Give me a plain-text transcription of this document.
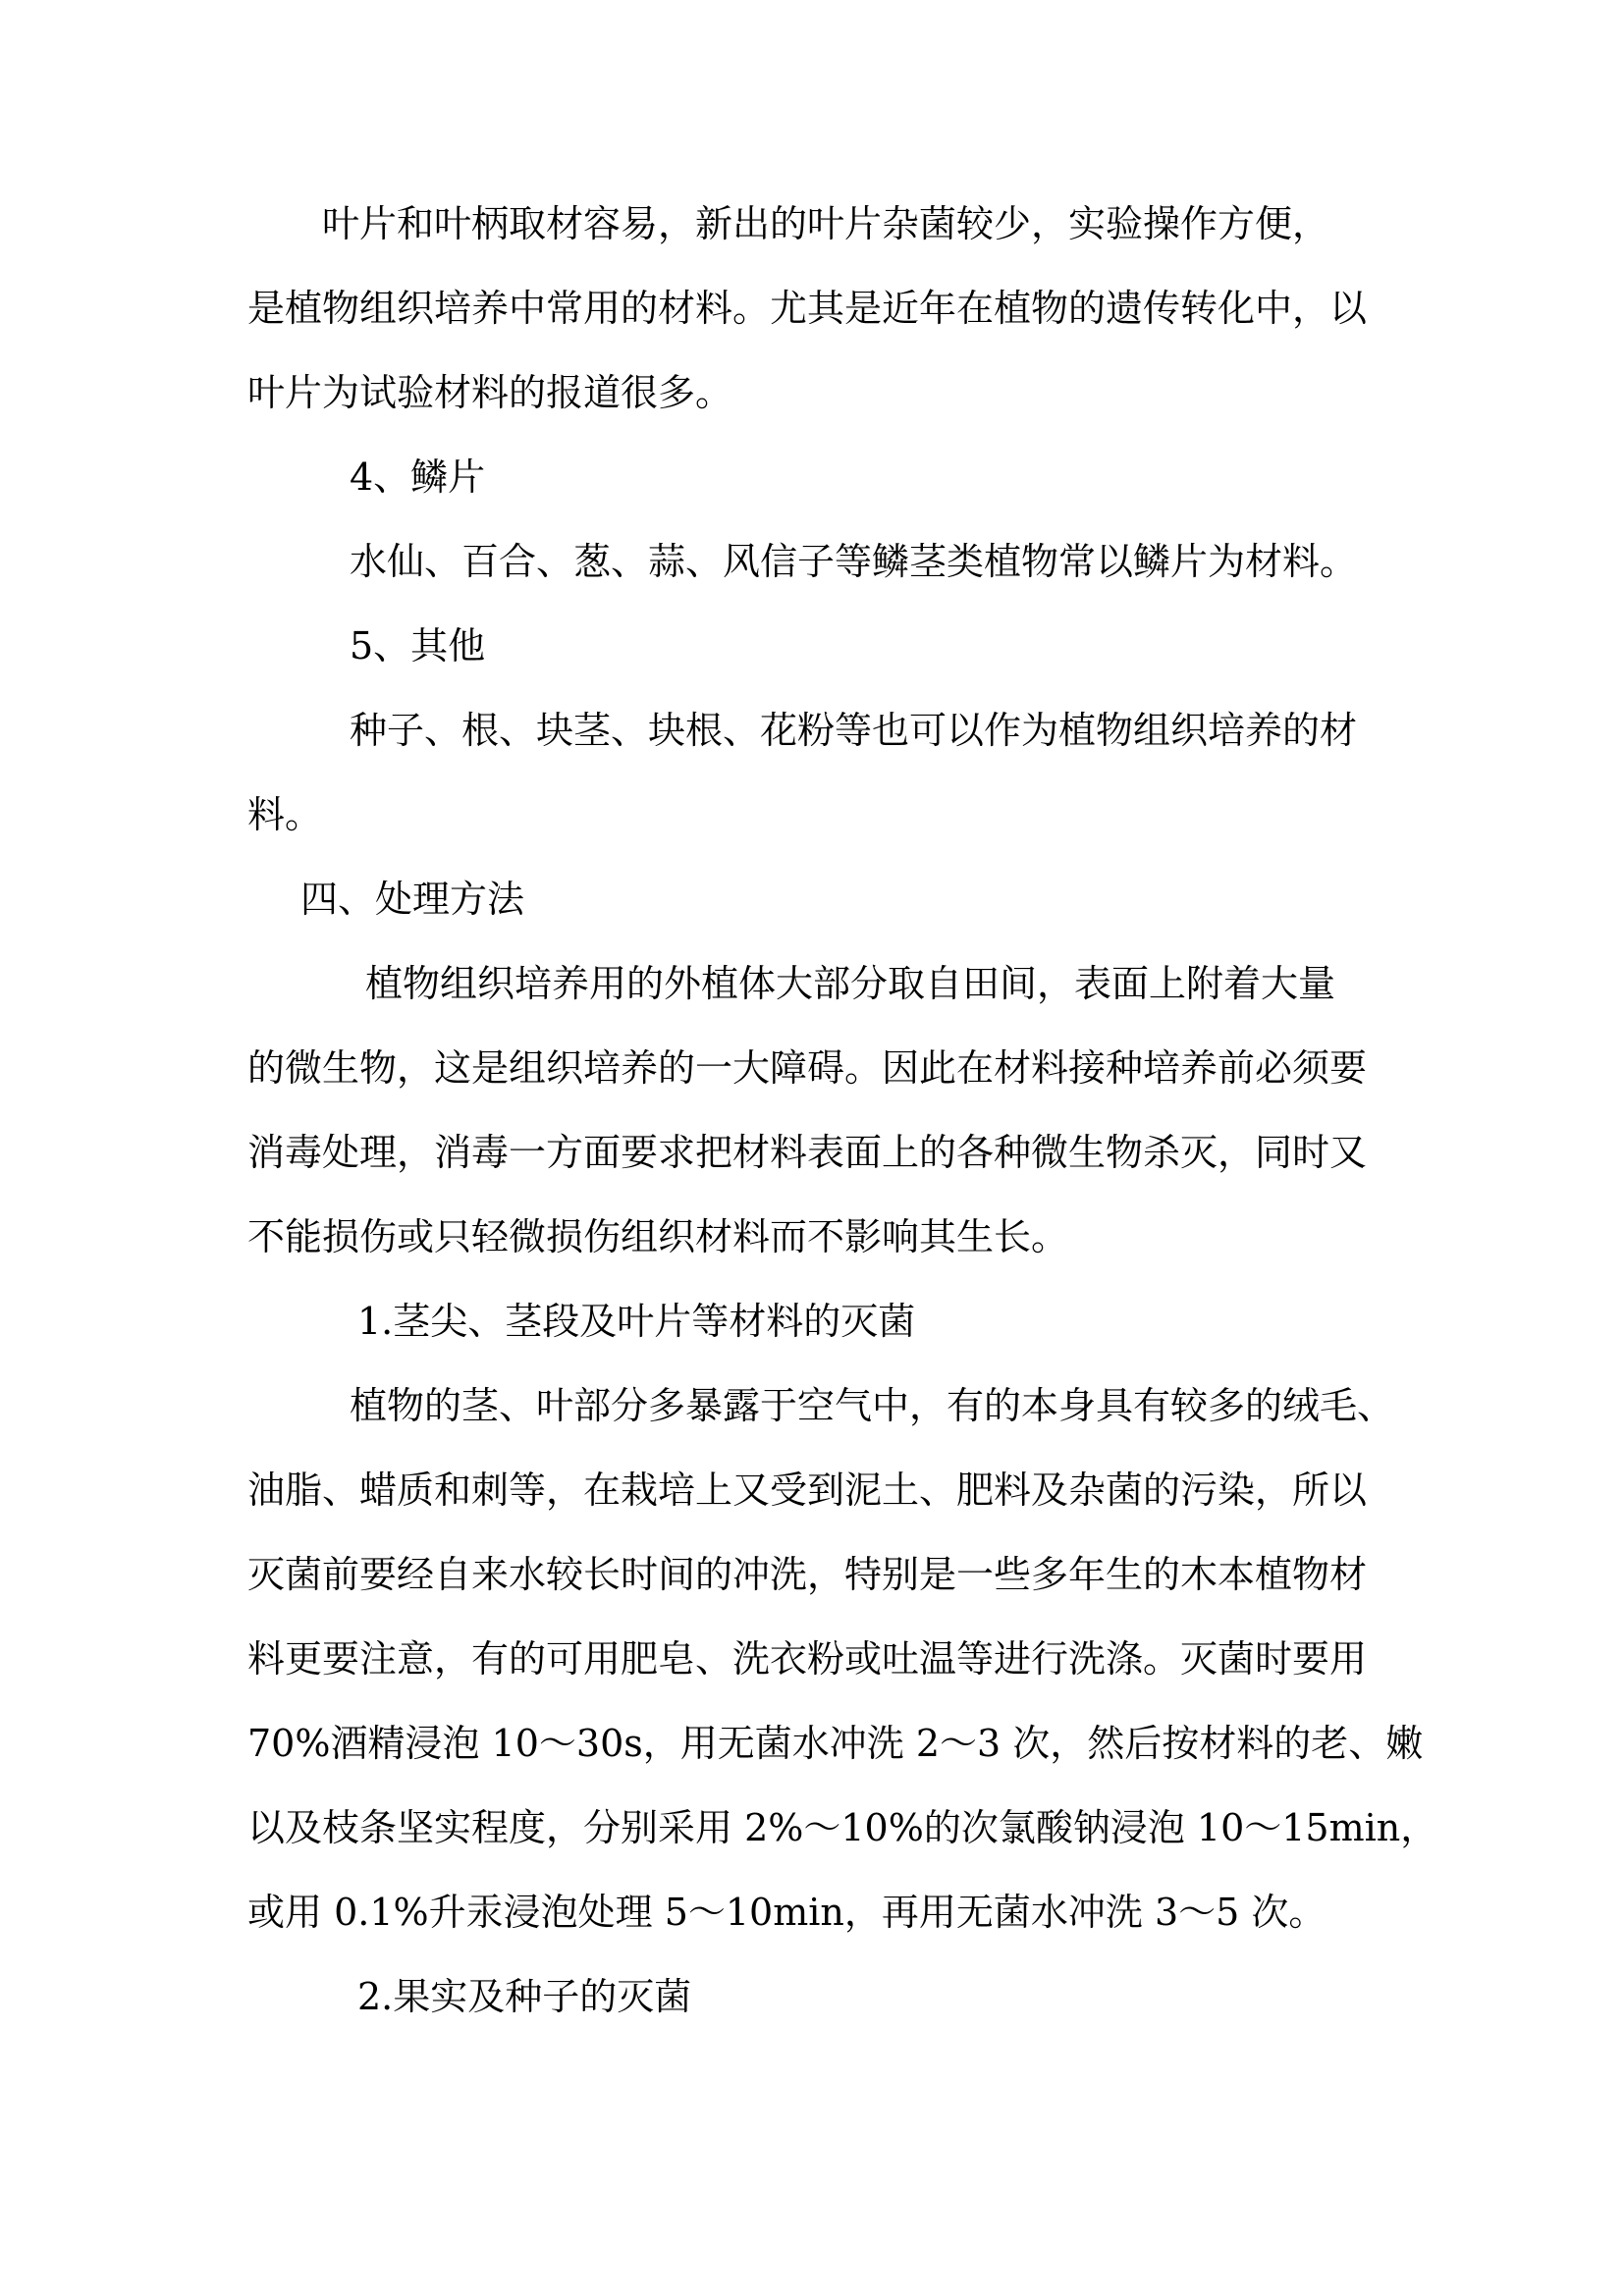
叶片和叶柄取材容易，新出的叶片杂菌较少，实验操作方便，
是植物组织培养中常用的材料。尤其是近年在植物的遗传转化中，以
叶片为试验材料的报道很多。
4、鳞片
水仙、百合、葱、蒜、风信子等鳞茎类植物常以鳞片为材料。
5、其他
种子、根、块茎、块根、花粉等也可以作为植物组织培养的材
料。
四、处理方法
植物组织培养用的外植体大部分取自田间，表面上附着大量
的微生物，这是组织培养的一大障碍。因此在材料接种培养前必须要
消毒处理，消毒一方面要求把材料表面上的各种微生物杀灭，同时又
不能损伤或只轻微损伤组织材料而不影响其生长。
1.茎尖、茎段及叶片等材料的灭菌
植物的茎、叶部分多暴露于空气中，有的本身具有较多的绒毛、
油脂、蜡质和刺等，在栽培上又受到泥土、肥料及杂菌的污染，所以
灭菌前要经自来水较长时间的冲洗，特别是一些多年生的木本植物材
料更要注意，有的可用肥皂、洗衣粉或吐温等进行洗涤。灭菌时要用
70%酒精浸泡 10～30s，用无菌水冲洗 2～3 次，然后按材料的老、嫩
以及枝条坚实程度，分别采用 2%～10%的次氯酸钠浸泡 10～15min，
或用 0.1%升汞浸泡处理 5～10min，再用无菌水冲洗 3～5 次。
2.果实及种子的灭菌
